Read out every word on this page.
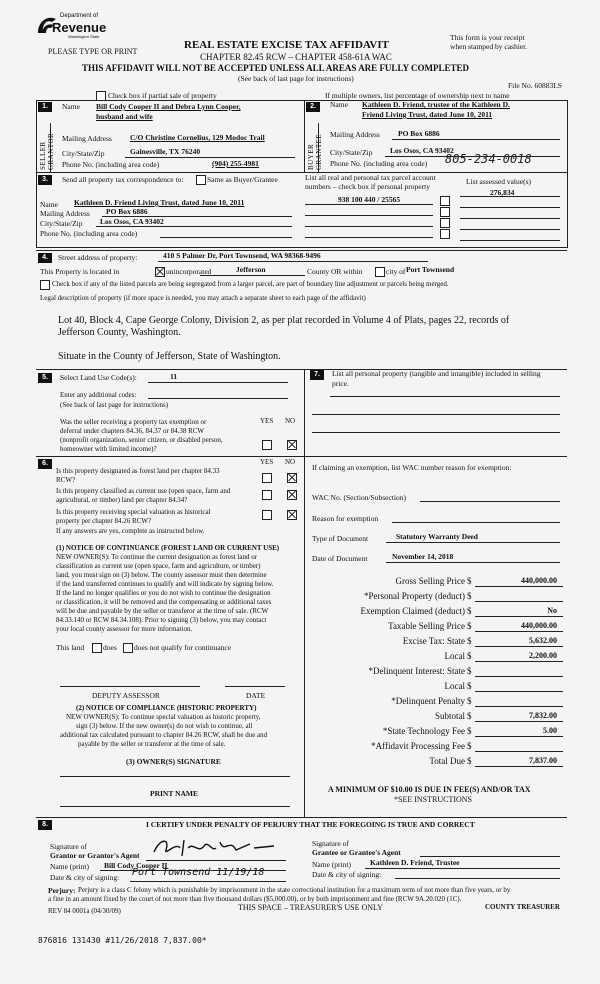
Department of
Revenue
Washington State
PLEASE TYPE OR PRINT
REAL ESTATE EXCISE TAX AFFIDAVIT
CHAPTER 82.45 RCW – CHAPTER 458-61A WAC
THIS AFFIDAVIT WILL NOT BE ACCEPTED UNLESS ALL AREAS ARE FULLY COMPLETED
(See back of last page for instructions)
This form is your receipt
when stamped by cashier.
File No. 60883LS
Check box if partial sale of property	If multiple owners, list percentage of ownership next to name
1.
SELLER GRANTOR
Name Bill Cody Cooper II and Debra Lynn Cooper,
husband and wife
Mailing Address C/O Christine Cornelius, 129 Modoc Trail
City/State/Zip	Gainesville, TX 76240
Phone No. (including area code)	(904) 255-4981
2.
BUYER GRANTEE
Name Kathleen D. Friend, trustee of the Kathleen D.
Friend Living Trust, dated June 10, 2011
Mailing Address PO Box 6886
City/State/Zip Los Osos, CA 93402
Phone No. (including area code) 805-234-0018
3.	Send all property tax correspondence to:	Same as Buyer/Grantee	List all real and personal tax parcel account
numbers – check box if personal property
List assessed value(s)
276,834
Name Kathleen D. Friend Living Trust, dated June 10, 2011
Mailing Address PO Box 6886
City/State/Zip Los Osos, CA 93402
Phone No. (including area code)
938 100 440 / 25565
4.	Street address of property:	410 S Palmer Dr, Port Townsend, WA 98368-9496
This Property is located in	unincorporated	Jefferson	County OR within	city of Port Townsend
Check box if any of the listed parcels are being segregated from a larger parcel, are part of boundary line adjustment or parcels being merged.
Legal description of property (if more space is needed, you may attach a separate sheet to each page of the affidavit)
Lot 40, Block 4, Cape George Colony, Division 2, as per plat recorded in Volume 4 of Plats, pages 22, records of
Jefferson County, Washington.
Situate in the County of Jefferson, State of Washington.
5.	Select Land Use Code(s):	11
Enter any additional codes:
(See back of last page for instructions)
YES NO
Was the seller receiving a property tax exemption or
deferral under chapters 84.36, 84.37 or 84.38 RCW
(nonprofit organization, senior citizen, or disabled person,
homeowner with limited income)?
6.	YES NO
Is this property designated as forest land per chapter 84.33
RCW?
Is this property classified as current use (open space, farm and
agricultural, or timber) land per chapter 84.34?
Is this property receiving special valuation as historical
property per chapter 84.26 RCW?
If any answers are yes, complete as instructed below.
(1) NOTICE OF CONTINUANCE (FOREST LAND OR CURRENT USE)
NEW OWNER(S): To continue the current designation as forest land or
classification as current use (open space, farm and agriculture, or timber)
land, you must sign on (3) below. The county assessor must then determine
if the land transferred continues to qualify and will indicate by signing below.
If the land no longer qualifies or you do not wish to continue the designation
or classification, it will be removed and the compensating or additional taxes
will be due and payable by the seller or transferor at the time of sale. (RCW
84.33.140 or RCW 84.34.108). Prior to signing (3) below, you may contact
your local county assessor for more information.
This land	does does not qualify for continuance
DEPUTY ASSESSOR	DATE
(2) NOTICE OF COMPLIANCE (HISTORIC PROPERTY)
NEW OWNER(S): To continue special valuation as historic property,
sign (3) below. If the new owner(s) do not wish to continue, all
additional tax calculated pursuant to chapter 84.26 RCW, shall be due and
payable by the seller or transferor at the time of sale.
(3) OWNER(S) SIGNATURE
PRINT NAME
7.	List all personal property (tangible and intangible) included in selling
price.
If claiming an exemption, list WAC number reason for exemption:
WAC No. (Section/Subsection)
Reason for exemption
Type of Document	Statutory Warranty Deed
Date of Document	November 14, 2018
Gross Selling Price $	440,000.00
*Personal Property (deduct) $
Exemption Claimed (deduct) $	No
Taxable Selling Price $	440,000.00
Excise Tax: State $	5,632.00
Local $	2,200.00
*Delinquent Interest: State $
Local $
*Delinquent Penalty $
Subtotal $	7,832.00
*State Technology Fee $	5.00
*Affidavit Processing Fee $
Total Due $	7,837.00
A MINIMUM OF $10.00 IS DUE IN FEE(S) AND/OR TAX
*SEE INSTRUCTIONS
8.	I CERTIFY UNDER PENALTY OF PERJURY THAT THE FOREGOING IS TRUE AND CORRECT
Signature of
Grantor or Grantor's Agent
Name (print) Bill Cody Cooper II
Date & city of signing: Port Townsend 11/19/18
Signature of
Grantee or Grantee's Agent
Name (print)	Kathleen D. Friend, Trustee
Date & city of signing:
Perjury: Perjury is a class C felony which is punishable by imprisonment in the state correctional institution for a maximum term of not more than five years, or by
a fine in an amount fixed by the court of not more than five thousand dollars ($5,000.00), or by both imprisonment and fine (RCW 9A.20.020 (1C).
REV 84 0001a (04/30/09)	THIS SPACE – TREASURER'S USE ONLY	COUNTY TREASURER
876816 131430 #11/26/2018 7,837.00*
